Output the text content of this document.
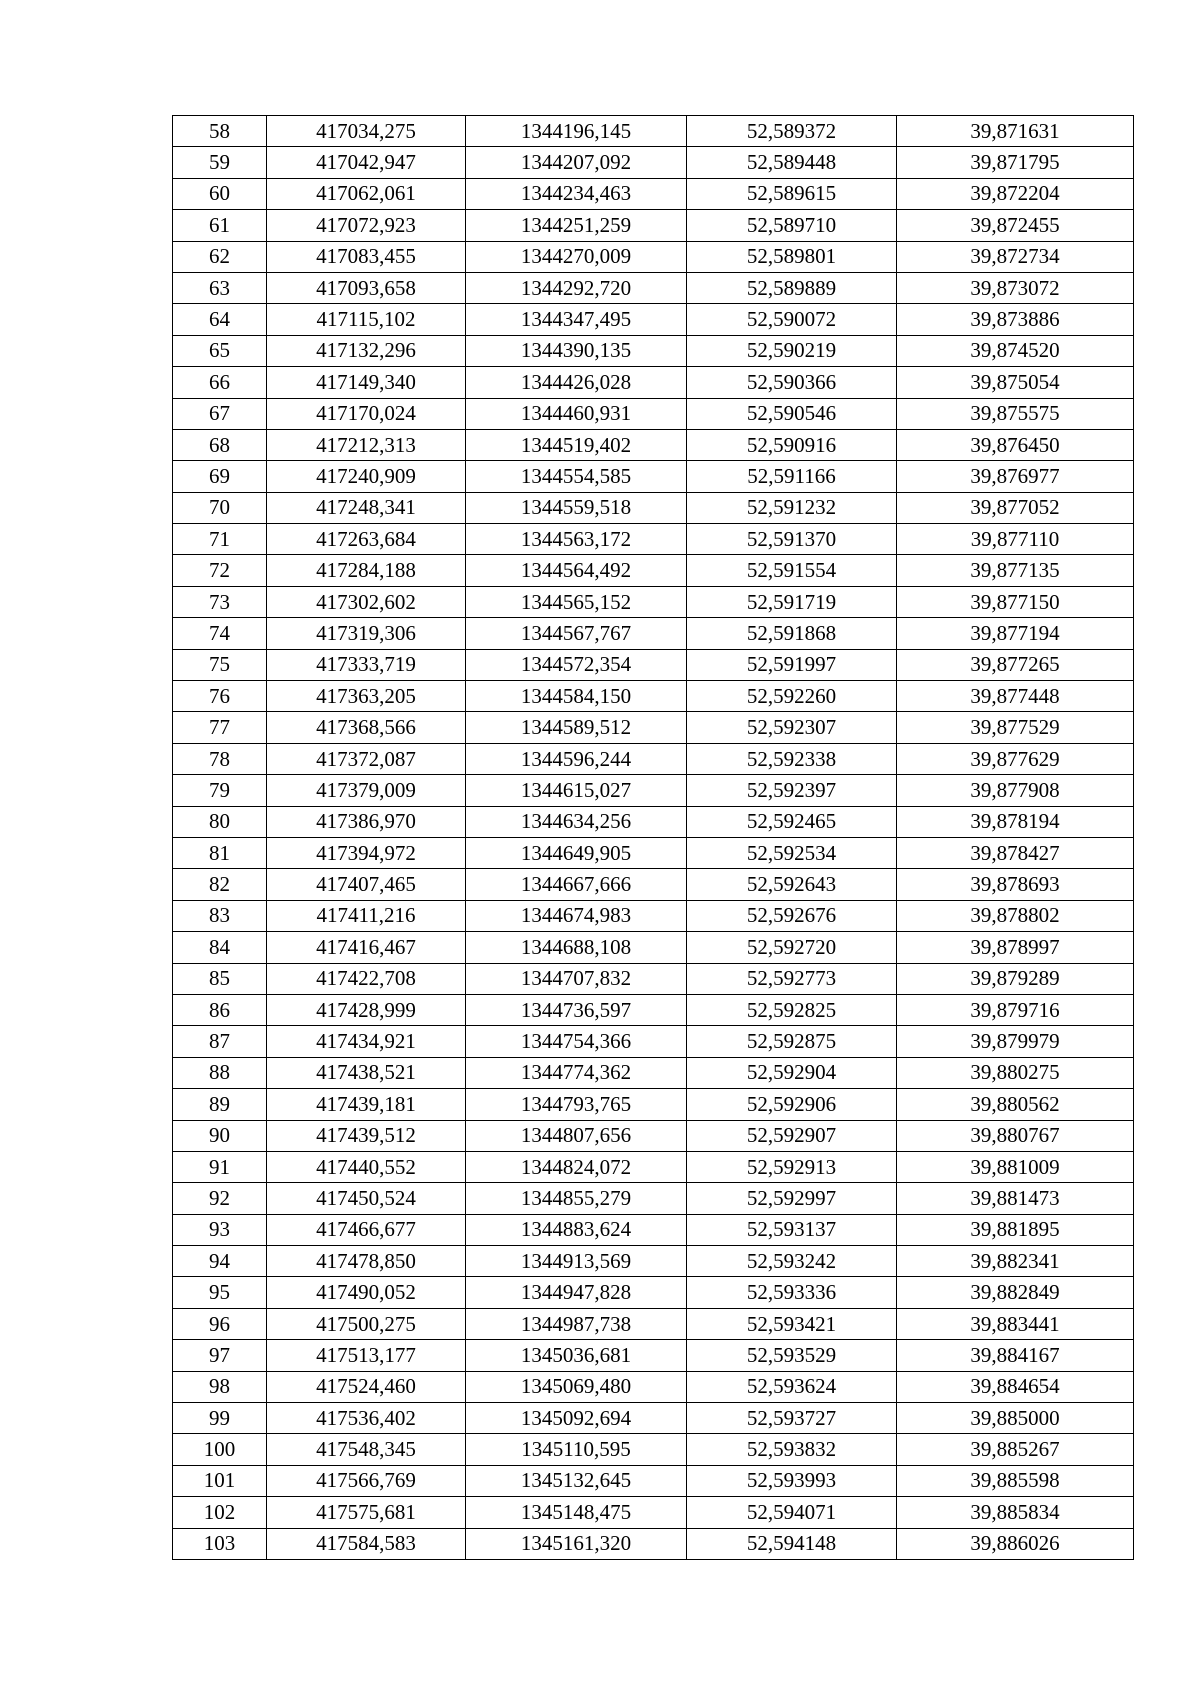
58	417034,275	1344196,145	52,589372	39,871631
59	417042,947	1344207,092	52,589448	39,871795
60	417062,061	1344234,463	52,589615	39,872204
61	417072,923	1344251,259	52,589710	39,872455
62	417083,455	1344270,009	52,589801	39,872734
63	417093,658	1344292,720	52,589889	39,873072
64	417115,102	1344347,495	52,590072	39,873886
65	417132,296	1344390,135	52,590219	39,874520
66	417149,340	1344426,028	52,590366	39,875054
67	417170,024	1344460,931	52,590546	39,875575
68	417212,313	1344519,402	52,590916	39,876450
69	417240,909	1344554,585	52,591166	39,876977
70	417248,341	1344559,518	52,591232	39,877052
71	417263,684	1344563,172	52,591370	39,877110
72	417284,188	1344564,492	52,591554	39,877135
73	417302,602	1344565,152	52,591719	39,877150
74	417319,306	1344567,767	52,591868	39,877194
75	417333,719	1344572,354	52,591997	39,877265
76	417363,205	1344584,150	52,592260	39,877448
77	417368,566	1344589,512	52,592307	39,877529
78	417372,087	1344596,244	52,592338	39,877629
79	417379,009	1344615,027	52,592397	39,877908
80	417386,970	1344634,256	52,592465	39,878194
81	417394,972	1344649,905	52,592534	39,878427
82	417407,465	1344667,666	52,592643	39,878693
83	417411,216	1344674,983	52,592676	39,878802
84	417416,467	1344688,108	52,592720	39,878997
85	417422,708	1344707,832	52,592773	39,879289
86	417428,999	1344736,597	52,592825	39,879716
87	417434,921	1344754,366	52,592875	39,879979
88	417438,521	1344774,362	52,592904	39,880275
89	417439,181	1344793,765	52,592906	39,880562
90	417439,512	1344807,656	52,592907	39,880767
91	417440,552	1344824,072	52,592913	39,881009
92	417450,524	1344855,279	52,592997	39,881473
93	417466,677	1344883,624	52,593137	39,881895
94	417478,850	1344913,569	52,593242	39,882341
95	417490,052	1344947,828	52,593336	39,882849
96	417500,275	1344987,738	52,593421	39,883441
97	417513,177	1345036,681	52,593529	39,884167
98	417524,460	1345069,480	52,593624	39,884654
99	417536,402	1345092,694	52,593727	39,885000
100	417548,345	1345110,595	52,593832	39,885267
101	417566,769	1345132,645	52,593993	39,885598
102	417575,681	1345148,475	52,594071	39,885834
103	417584,583	1345161,320	52,594148	39,886026
